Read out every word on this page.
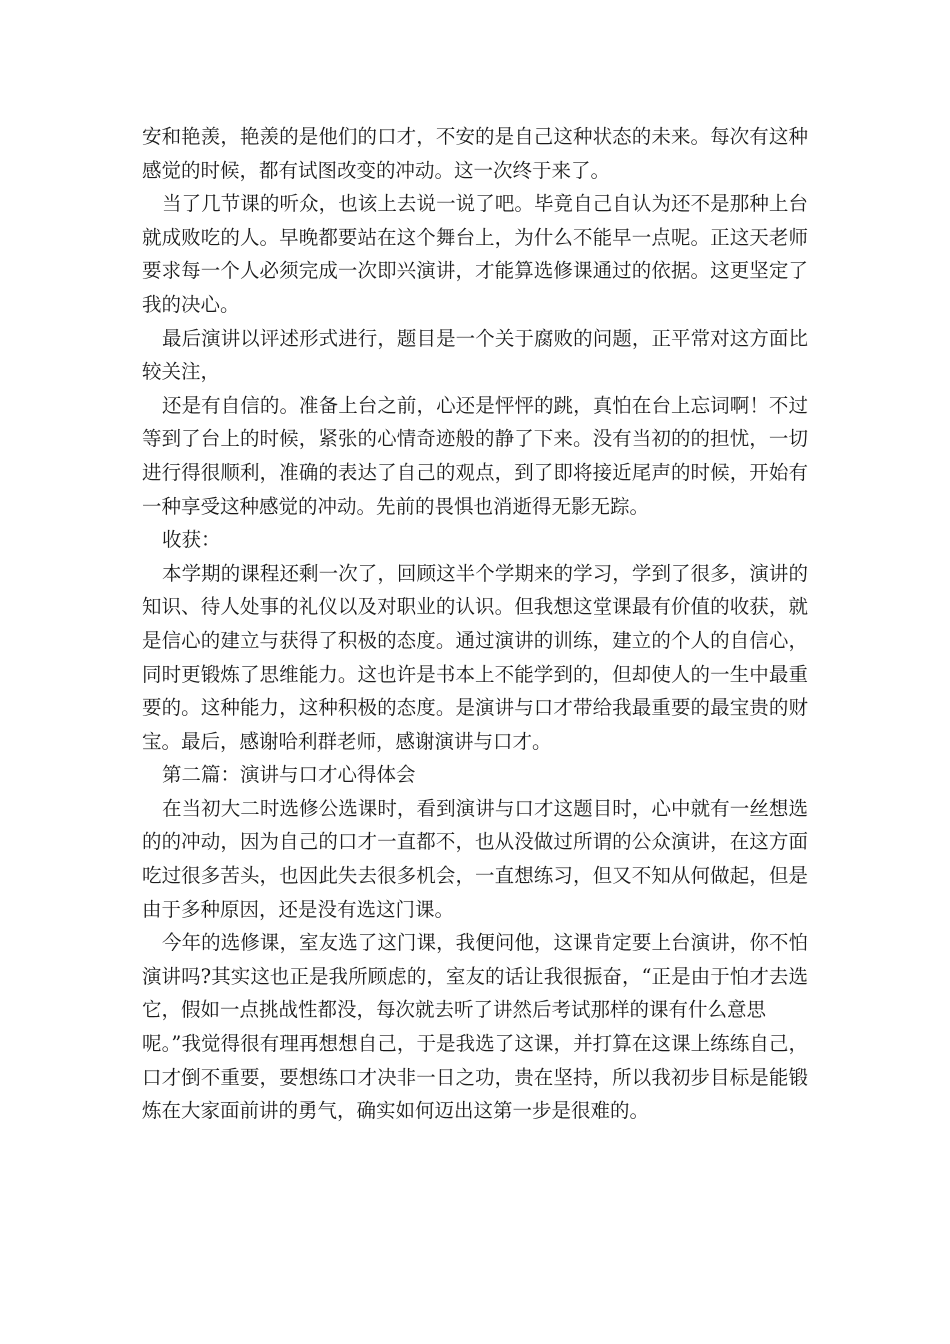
安和艳羡，艳羡的是他们的口才，不安的是自己这种状态的未来。每次有这种感觉的时候，都有试图改变的冲动。这一次终于来了。

当了几节课的听众，也该上去说一说了吧。毕竟自己自认为还不是那种上台就成败吃的人。早晚都要站在这个舞台上，为什么不能早一点呢。正这天老师要求每一个人必须完成一次即兴演讲，才能算选修课通过的依据。这更坚定了我的决心。

最后演讲以评述形式进行，题目是一个关于腐败的问题，正平常对这方面比较关注，

还是有自信的。准备上台之前，心还是怦怦的跳，真怕在台上忘词啊！不过等到了台上的时候，紧张的心情奇迹般的静了下来。没有当初的的担忧，一切进行得很顺利，准确的表达了自己的观点，到了即将接近尾声的时候，开始有一种享受这种感觉的冲动。先前的畏惧也消逝得无影无踪。

收获：

本学期的课程还剩一次了，回顾这半个学期来的学习，学到了很多，演讲的知识、待人处事的礼仪以及对职业的认识。但我想这堂课最有价值的收获，就是信心的建立与获得了积极的态度。通过演讲的训练，建立的个人的自信心，同时更锻炼了思维能力。这也许是书本上不能学到的，但却使人的一生中最重要的。这种能力，这种积极的态度。是演讲与口才带给我最重要的最宝贵的财宝。最后，感谢哈利群老师，感谢演讲与口才。

第二篇：演讲与口才心得体会

在当初大二时选修公选课时，看到演讲与口才这题目时，心中就有一丝想选的的冲动，因为自己的口才一直都不，也从没做过所谓的公众演讲，在这方面吃过很多苦头，也因此失去很多机会，一直想练习，但又不知从何做起，但是由于多种原因，还是没有选这门课。

今年的选修课，室友选了这门课，我便问他，这课肯定要上台演讲，你不怕演讲吗?其实这也正是我所顾虑的，室友的话让我很振奋，“正是由于怕才去选它，假如一点挑战性都没，每次就去听了讲然后考试那样的课有什么意思

呢。”我觉得很有理再想想自己，于是我选了这课，并打算在这课上练练自己，口才倒不重要，要想练口才决非一日之功，贵在坚持，所以我初步目标是能锻炼在大家面前讲的勇气，确实如何迈出这第一步是很难的。
